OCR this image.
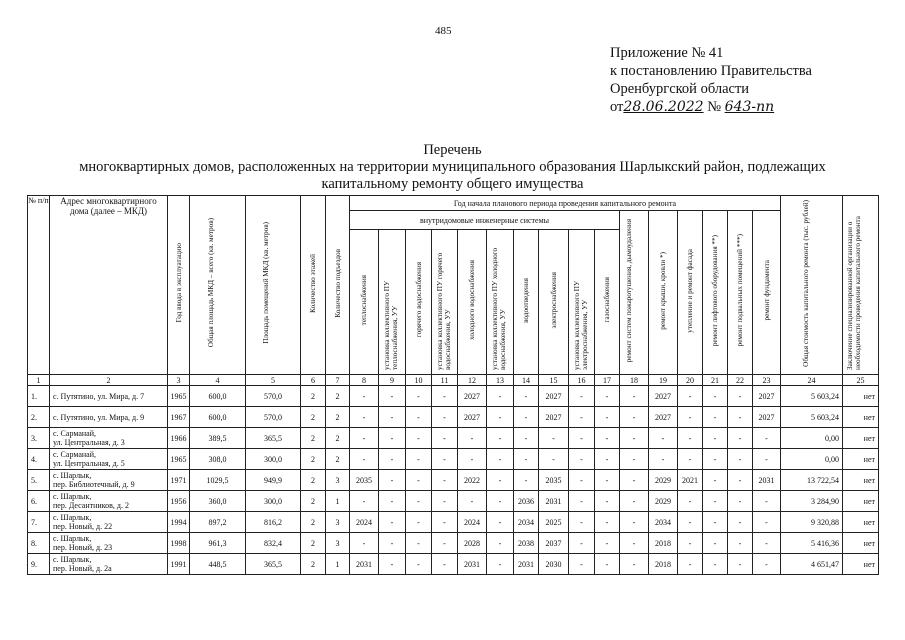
485
Приложение № 41
к постановлению Правительства
Оренбургской области
от28.06.2022 № 643-пп
Перечень
многоквартирных домов, расположенных на территории муниципального образования Шарлыкский район, подлежащих
капитальному ремонту общего имущества
№ п/п	Адрес многоквартирного дома (далее – МКД)	Год ввода в эксплуатацию	Общая площадь МКД – всего (кв. метров)	Площадь помещений МКД (кв. метров)	Количество этажей	Количество подъездов	Год начала планового периода проведения капитального ремонта																Общая стоимость капитального ремонта (тыс. рублей)	Заключение специализированной организации о необходимости проведения капитального ремонта

							внутридомовые инженерные системы										ремонт систем пожаротушения, дымоудаления	ремонт крыши, кровли *)	утепление и ремонт фасада	ремонт лифтового оборудования **)	ремонт подвальных помещений ***)	ремонт фундамента		

							теплоснабжения	установка коллективного ПУ теплоснабжения, УУ	горячего водоснабжения	установка коллективного ПУ горячего водоснабжения, УУ	холодного водоснабжения	установка коллективного ПУ холодного водоснабжения, УУ	водоотведения	электроснабжения	установка коллективного ПУ электроснабжения, УУ	газоснабжения								

1	2	3	4	5	6	7	8	9	10	11	12	13	14	15	16	17	18	19	20	21	22	23	24	25
1.	с. Путятино, ул. Мира, д. 7	1965	600,0	570,0	2	2	-	-	-	-	2027	-	-	2027	-	-	-	2027	-	-	-	2027	5 603,24	нет
2.	с. Путятино, ул. Мира, д. 9	1967	600,0	570,0	2	2	-	-	-	-	2027	-	-	2027	-	-	-	2027	-	-	-	2027	5 603,24	нет
3.	с. Сарманай,
ул. Центральная, д. 3	1966	389,5	365,5	2	2	-	-	-	-	-	-	-	-	-	-	-	-	-	-	-	-	0,00	нет
4.	с. Сарманай,
ул. Центральная, д. 5	1965	308,0	300,0	2	2	-	-	-	-	-	-	-	-	-	-	-	-	-	-	-	-	0,00	нет
5.	с. Шарлык,
пер. Библиотечный, д. 9	1971	1029,5	949,9	2	3	2035	-	-	-	2022	-	-	2035	-	-	-	2029	2021	-	-	2031	13 722,54	нет
6.	с. Шарлык,
пер. Десантников, д. 2	1956	360,0	300,0	2	1	-	-	-	-	-	-	2036	2031	-	-	-	2029	-	-	-	-	3 284,90	нет
7.	с. Шарлык,
пер. Новый, д. 22	1994	897,2	816,2	2	3	2024	-	-	-	2024	-	2034	2025	-	-	-	2034	-	-	-	-	9 320,88	нет
8.	с. Шарлык,
пер. Новый, д. 23	1998	961,3	832,4	2	3	-	-	-	-	2028	-	2038	2037	-	-	-	2018	-	-	-	-	5 416,36	нет
9.	с. Шарлык,
пер. Новый, д. 2а	1991	448,5	365,5	2	1	2031	-	-	-	2031	-	2031	2030	-	-	-	2018	-	-	-	-	4 651,47	нет
